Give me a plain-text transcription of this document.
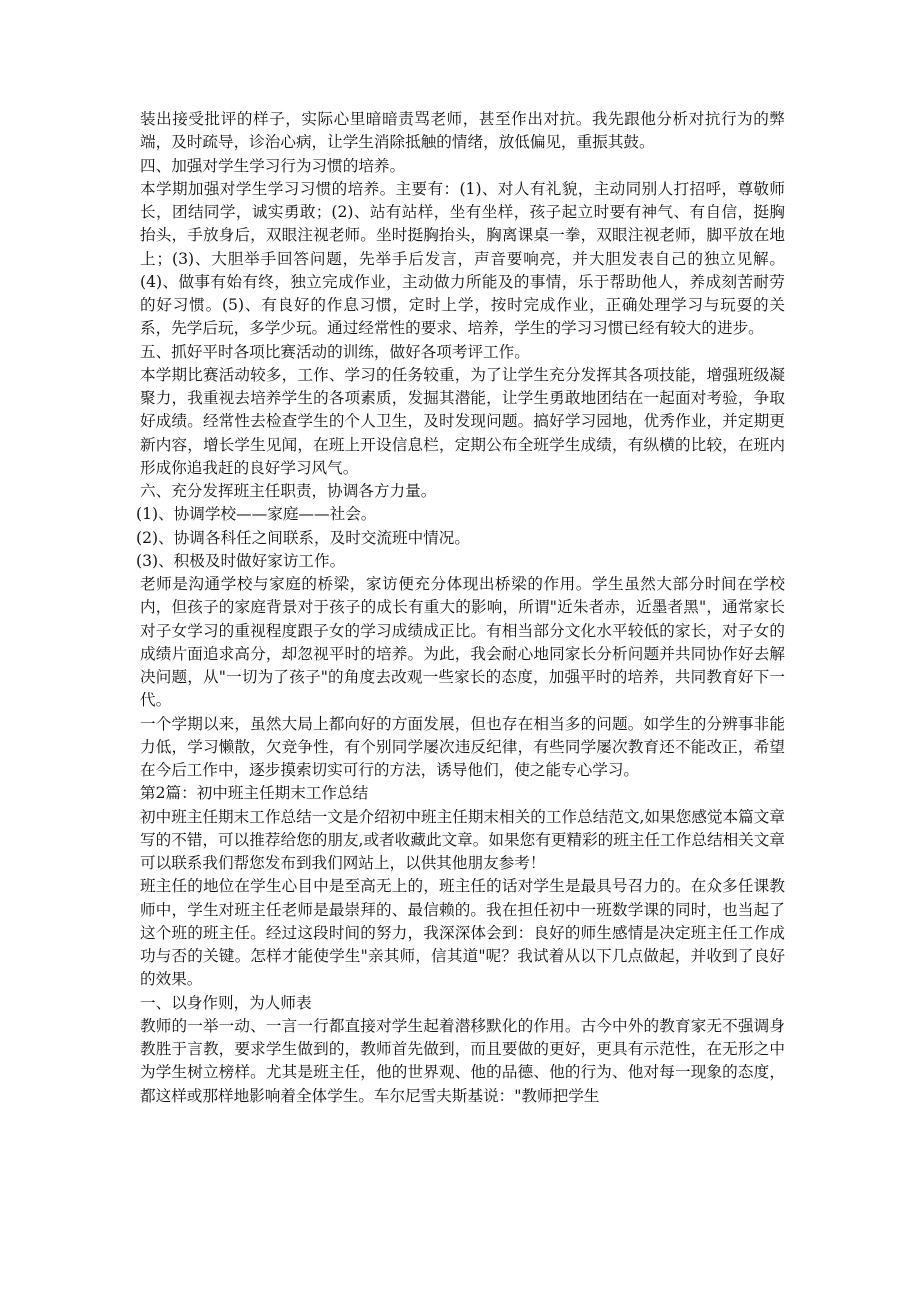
装出接受批评的样子，实际心里暗暗责骂老师，甚至作出对抗。我先跟他分析对抗行为的弊端，及时疏导，诊治心病，让学生消除抵触的情绪，放低偏见，重振其鼓。

四、加强对学生学习行为习惯的培养。

本学期加强对学生学习习惯的培养。主要有：(1)、对人有礼貌，主动同别人打招呼，尊敬师长，团结同学，诚实勇敢；(2)、站有站样，坐有坐样，孩子起立时要有神气、有自信，挺胸抬头，手放身后，双眼注视老师。坐时挺胸抬头，胸离课桌一拳，双眼注视老师，脚平放在地上；(3)、大胆举手回答问题，先举手后发言，声音要响亮，并大胆发表自己的独立见解。(4)、做事有始有终，独立完成作业，主动做力所能及的事情，乐于帮助他人，养成刻苦耐劳的好习惯。(5)、有良好的作息习惯，定时上学，按时完成作业，正确处理学习与玩耍的关系，先学后玩，多学少玩。通过经常性的要求、培养，学生的学习习惯已经有较大的进步。

五、抓好平时各项比赛活动的训练，做好各项考评工作。

本学期比赛活动较多，工作、学习的任务较重，为了让学生充分发挥其各项技能，增强班级凝聚力，我重视去培养学生的各项素质，发掘其潜能，让学生勇敢地团结在一起面对考验，争取好成绩。经常性去检查学生的个人卫生，及时发现问题。搞好学习园地，优秀作业，并定期更新内容，增长学生见闻，在班上开设信息栏，定期公布全班学生成绩，有纵横的比较，在班内形成你追我赶的良好学习风气。

六、充分发挥班主任职责，协调各方力量。

(1)、协调学校——家庭——社会。

(2)、协调各科任之间联系，及时交流班中情况。

(3)、积极及时做好家访工作。

老师是沟通学校与家庭的桥梁，家访便充分体现出桥梁的作用。学生虽然大部分时间在学校内，但孩子的家庭背景对于孩子的成长有重大的影响，所谓"近朱者赤，近墨者黑"，通常家长对子女学习的重视程度跟子女的学习成绩成正比。有相当部分文化水平较低的家长，对子女的成绩片面追求高分，却忽视平时的培养。为此，我会耐心地同家长分析问题并共同协作好去解决问题，从"一切为了孩子"的角度去改观一些家长的态度，加强平时的培养，共同教育好下一代。

一个学期以来，虽然大局上都向好的方面发展，但也存在相当多的问题。如学生的分辨事非能力低，学习懒散，欠竞争性，有个别同学屡次违反纪律，有些同学屡次教育还不能改正，希望在今后工作中，逐步摸索切实可行的方法，诱导他们，使之能专心学习。

第2篇：初中班主任期末工作总结

初中班主任期末工作总结一文是介绍初中班主任期末相关的工作总结范文,如果您感觉本篇文章写的不错，可以推荐给您的朋友,或者收藏此文章。如果您有更精彩的班主任工作总结相关文章可以联系我们帮您发布到我们网站上，以供其他朋友参考！

班主任的地位在学生心目中是至高无上的，班主任的话对学生是最具号召力的。在众多任课教师中，学生对班主任老师是最崇拜的、最信赖的。我在担任初中一班数学课的同时，也当起了这个班的班主任。经过这段时间的努力，我深深体会到：良好的师生感情是决定班主任工作成功与否的关键。怎样才能使学生"亲其师，信其道"呢？我试着从以下几点做起，并收到了良好的效果。

一、以身作则，为人师表

教师的一举一动、一言一行都直接对学生起着潜移默化的作用。古今中外的教育家无不强调身教胜于言教，要求学生做到的，教师首先做到，而且要做的更好，更具有示范性，在无形之中为学生树立榜样。尤其是班主任，他的世界观、他的品德、他的行为、他对每一现象的态度，都这样或那样地影响着全体学生。车尔尼雪夫斯基说："教师把学生
